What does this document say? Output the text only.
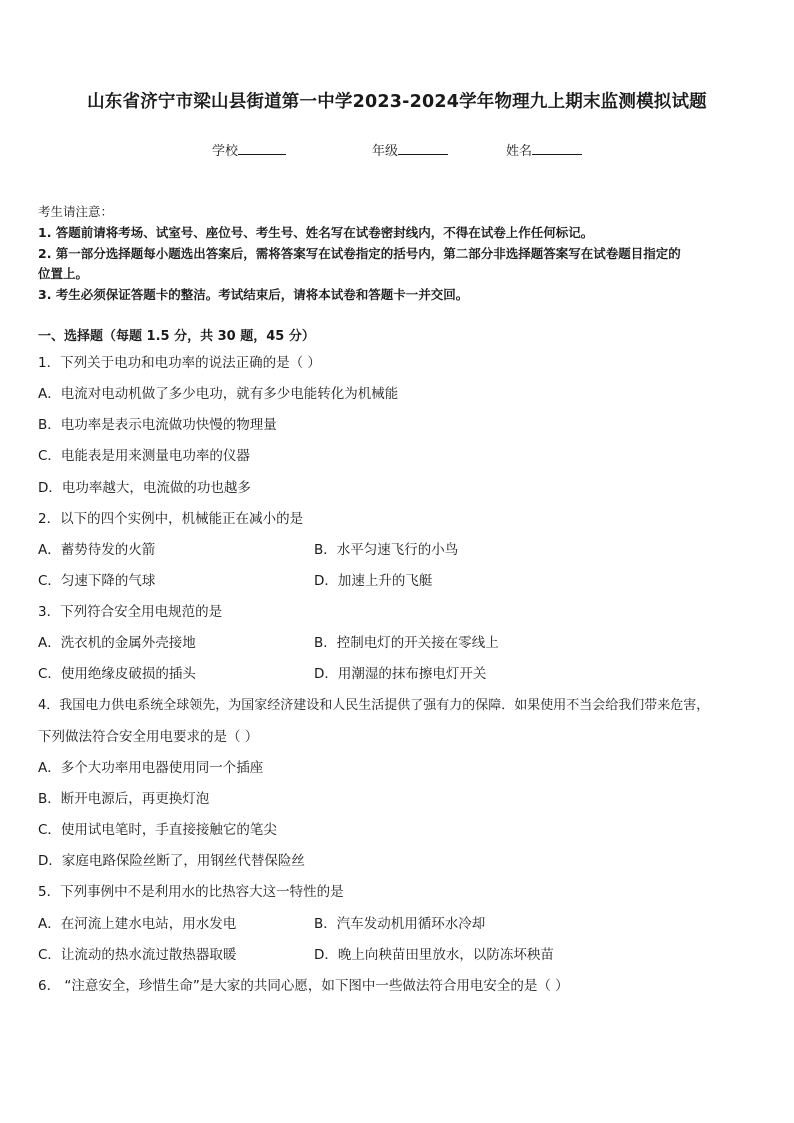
山东省济宁市梁山县街道第一中学2023-2024学年物理九上期末监测模拟试题
学校	年级	姓名
考生请注意：
1. 答题前请将考场、试室号、座位号、考生号、姓名写在试卷密封线内，不得在试卷上作任何标记。
2. 第一部分选择题每小题选出答案后，需将答案写在试卷指定的括号内，第二部分非选择题答案写在试卷题目指定的
位置上。
3. 考生必须保证答题卡的整洁。考试结束后，请将本试卷和答题卡一并交回。
一、选择题（每题 1.5 分，共 30 题，45 分）
1．下列关于电功和电功率的说法正确的是（ ）
A．电流对电动机做了多少电功，就有多少电能转化为机械能
B．电功率是表示电流做功快慢的物理量
C．电能表是用来测量电功率的仪器
D．电功率越大，电流做的功也越多
2．以下的四个实例中，机械能正在减小的是
A．蓄势待发的火箭	B．水平匀速飞行的小鸟
C．匀速下降的气球	D．加速上升的飞艇
3．下列符合安全用电规范的是
A．洗衣机的金属外壳接地	B．控制电灯的开关接在零线上
C．使用绝缘皮破损的插头	D．用潮湿的抹布擦电灯开关
4．我国电力供电系统全球领先，为国家经济建设和人民生活提供了强有力的保障．如果使用不当会给我们带来危害，
下列做法符合安全用电要求的是（ ）
A．多个大功率用电器使用同一个插座
B．断开电源后，再更换灯泡
C．使用试电笔时，手直接接触它的笔尖
D．家庭电路保险丝断了，用钢丝代替保险丝
5．下列事例中不是利用水的比热容大这一特性的是
A．在河流上建水电站，用水发电	B．汽车发动机用循环水冷却
C．让流动的热水流过散热器取暖	D．晚上向秧苗田里放水，以防冻坏秧苗
6． “注意安全，珍惜生命”是大家的共同心愿，如下图中一些做法符合用电安全的是（ ）
